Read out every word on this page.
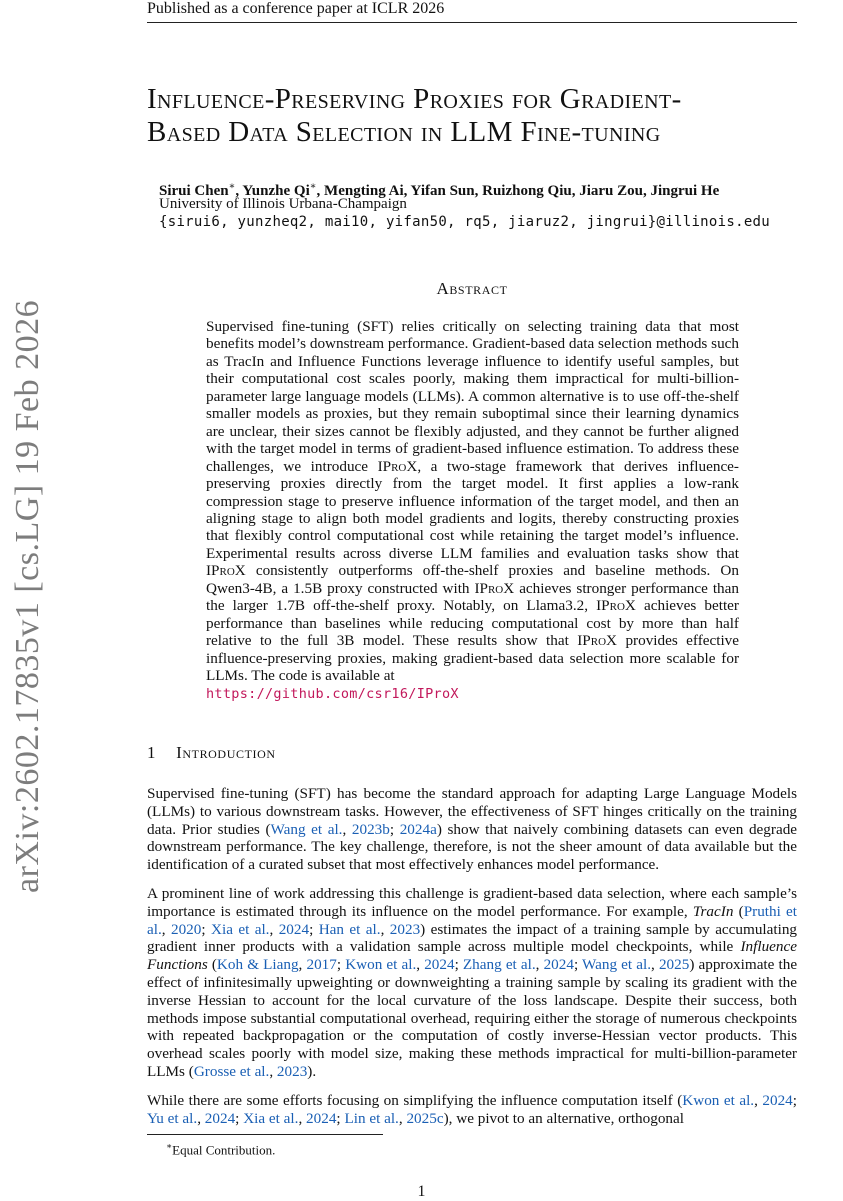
Published as a conference paper at ICLR 2026
arXiv:2602.17835v1 [cs.LG] 19 Feb 2026
Influence-Preserving Proxies for Gradient-
Based Data Selection in LLM Fine-tuning
Sirui Chen∗, Yunzhe Qi∗, Mengting Ai, Yifan Sun, Ruizhong Qiu, Jiaru Zou, Jingrui He
University of Illinois Urbana-Champaign
{sirui6, yunzheq2, mai10, yifan50, rq5, jiaruz2, jingrui}@illinois.edu
Abstract
Supervised fine-tuning (SFT) relies critically on selecting training data that most benefits model’s downstream performance. Gradient-based data selection methods such as TracIn and Influence Functions leverage influence to identify useful samples, but their computational cost scales poorly, making them impractical for multi-billion-parameter large language models (LLMs). A common alternative is to use off-the-shelf smaller models as proxies, but they remain suboptimal since their learning dynamics are unclear, their sizes cannot be flexibly adjusted, and they cannot be further aligned with the target model in terms of gradient-based influence estimation. To address these challenges, we introduce IProX, a two-stage framework that derives influence-preserving proxies directly from the target model. It first applies a low-rank compression stage to preserve influence information of the target model, and then an aligning stage to align both model gradients and logits, thereby constructing proxies that flexibly control computational cost while retaining the target model’s influence. Experimental results across diverse LLM families and evaluation tasks show that IProX consistently outperforms off-the-shelf proxies and baseline methods. On Qwen3-4B, a 1.5B proxy constructed with IProX achieves stronger performance than the larger 1.7B off-the-shelf proxy. Notably, on Llama3.2, IProX achieves better performance than baselines while reducing computational cost by more than half relative to the full 3B model. These results show that IProX provides effective influence-preserving proxies, making gradient-based data selection more scalable for LLMs. The code is available at
https://github.com/csr16/IProX
1 Introduction

Supervised fine-tuning (SFT) has become the standard approach for adapting Large Language Models (LLMs) to various downstream tasks. However, the effectiveness of SFT hinges critically on the training data. Prior studies (Wang et al., 2023b; 2024a) show that naively combining datasets can even degrade downstream performance. The key challenge, therefore, is not the sheer amount of data available but the identification of a curated subset that most effectively enhances model performance.

A prominent line of work addressing this challenge is gradient-based data selection, where each sample’s importance is estimated through its influence on the model performance. For example, TracIn (Pruthi et al., 2020; Xia et al., 2024; Han et al., 2023) estimates the impact of a training sample by accumulating gradient inner products with a validation sample across multiple model checkpoints, while Influence Functions (Koh & Liang, 2017; Kwon et al., 2024; Zhang et al., 2024; Wang et al., 2025) approximate the effect of infinitesimally upweighting or downweighting a training sample by scaling its gradient with the inverse Hessian to account for the local curvature of the loss landscape. Despite their success, both methods impose substantial computational overhead, requiring either the storage of numerous checkpoints with repeated backpropagation or the computation of costly inverse-Hessian vector products. This overhead scales poorly with model size, making these methods impractical for multi-billion-parameter LLMs (Grosse et al., 2023).

While there are some efforts focusing on simplifying the influence computation itself (Kwon et al., 2024; Yu et al., 2024; Xia et al., 2024; Lin et al., 2025c), we pivot to an alternative, orthogonal

∗Equal Contribution.
1
